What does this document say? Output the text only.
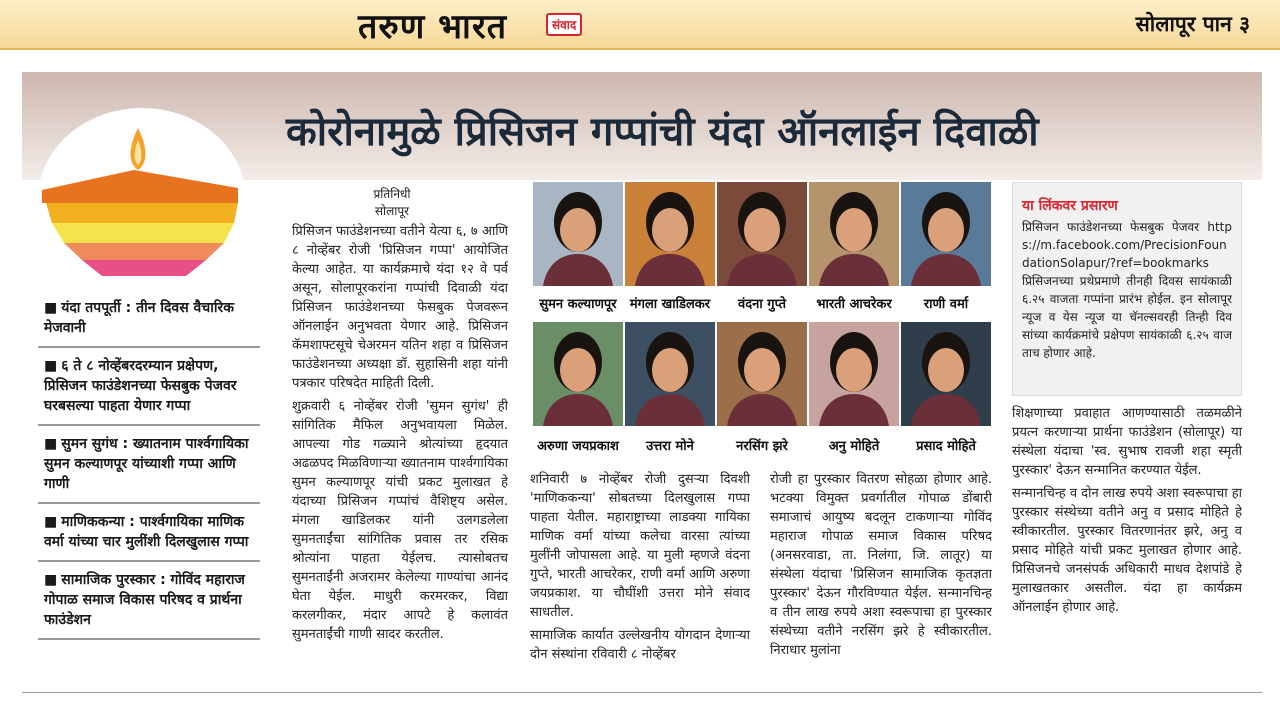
तरुण भारत	संवाद	सोलापूर पान ३
कोरोनामुळे प्रिसिजन गप्पांची यंदा ऑनलाईन दिवाळी
■ यंदा तपपूर्ती : तीन दिवस वैचारिक मेजवानी
■ ६ ते ८ नोव्हेंबरदरम्यान प्रक्षेपण, प्रिसिजन फाउंडेशनच्या फेसबुक पेजवर घरबसल्या पाहता येणार गप्पा
■ सुमन सुगंध : ख्यातनाम पार्श्वगायिका सुमन कल्याणपूर यांच्याशी गप्पा आणि गाणी
■ माणिककन्या : पार्श्वगायिका माणिक वर्मा यांच्या चार मुलींशी दिलखुलास गप्पा
■ सामाजिक पुरस्कार : गोविंद महाराज गोपाळ समाज विकास परिषद व प्रार्थना फाउंडेशन
प्रतिनिधी
सोलापूर

प्रिसिजन फाउंडेशनच्या वतीने येत्या ६, ७ आणि ८ नोव्हेंबर रोजी 'प्रिसिजन गप्पा' आयोजित केल्या आहेत. या कार्यक्रमाचे यंदा १२ वे पर्व असून, सोलापूरकरांना गप्पांची दिवाळी यंदा प्रिसिजन फाउंडेशनच्या फेसबुक पेजवरून ऑनलाईन अनुभवता येणार आहे. प्रिसिजन कॅमशाफ्टसूचे चेअरमन यतिन शहा व प्रिसिजन फाउंडेशनच्या अध्यक्षा डॉ. सुहासिनी शहा यांनी पत्रकार परिषदेत माहिती दिली.

शुक्रवारी ६ नोव्हेंबर रोजी 'सुमन सुगंध' ही सांगितिक मैफिल अनुभवायला मिळेल. आपल्या गोड गळ्याने श्रोत्यांच्या हृदयात अढळपद मिळविणाऱ्या ख्यातनाम पार्श्वगायिका सुमन कल्याणपूर यांची प्रकट मुलाखत हे यंदाच्या प्रिसिजन गप्पांचं वैशिष्ट्य असेल. मंगला खाडिलकर यांनी उलगडलेला सुमनताईंचा सांगितिक प्रवास तर रसिक श्रोत्यांना पाहता येईलच. त्यासोबतच सुमनताईंनी अजरामर केलेल्या गाण्यांचा आनंद घेता येईल. माधुरी करमरकर, विद्या करलगीकर, मंदार आपटे हे कलावंत सुमनताईंची गाणी सादर करतील.

सुमन कल्याणपूर मंगला खाडिलकर वंदना गुप्ते भारती आचरेकर राणी वर्मा
अरुणा जयप्रकाश उत्तरा मोने	नरसिंग झरे	अनु मोहिते	प्रसाद मोहिते

शनिवारी ७ नोव्हेंबर रोजी दुसऱ्या दिवशी 'माणिककन्या' सोबतच्या दिलखुलास गप्पा पाहता येतील. महाराष्ट्राच्या लाडक्या गायिका माणिक वर्मा यांच्या कलेचा वारसा त्यांच्या मुलींनी जोपासला आहे. या मुली म्हणजे वंदना गुप्ते, भारती आचरेकर, राणी वर्मा आणि अरुणा जयप्रकाश. या चौघींशी उत्तरा मोने संवाद साधतील.

सामाजिक कार्यात उल्लेखनीय योगदान देणाऱ्या दोन संस्थांना रविवारी ८ नोव्हेंबर

रोजी हा पुरस्कार वितरण सोहळा होणार आहे. भटक्या विमुक्त प्रवर्गातील गोपाळ डोंबारी समाजाचं आयुष्य बदलून टाकणाऱ्या गोविंद महाराज गोपाळ समाज विकास परिषद (अनसरवाडा, ता. निलंगा, जि. लातूर) या संस्थेला यंदाचा 'प्रिसिजन सामाजिक कृतज्ञता पुरस्कार' देऊन गौरविण्यात येईल. सन्मानचिन्ह व तीन लाख रुपये अशा स्वरूपाचा हा पुरस्कार संस्थेच्या वतीने नरसिंग झरे हे स्वीकारतील. निराधार मुलांना

या लिंकवर प्रसारण
प्रिसिजन फाउंडेशनच्या फेसबुक पेजवर https://m.facebook.com/PrecisionFoundationSolapur/?ref=bookmarks प्रिसिजनच्या प्रथेप्रमाणे तीनही दिवस सायंकाळी ६.२५ वाजता गप्पांना प्रारंभ होईल. इन सोलापूर न्यूज व येस न्यूज या चॅनल्सवरही तिन्ही दिवसांच्या कार्यक्रमांचे प्रक्षेपण सायंकाळी ६.२५ वाजताच होणार आहे.

शिक्षणाच्या प्रवाहात आणण्यासाठी तळमळीने प्रयत्न करणाऱ्या प्रार्थना फाउंडेशन (सोलापूर) या संस्थेला यंदाचा 'स्व. सुभाष रावजी शहा स्मृती पुरस्कार' देऊन सन्मानित करण्यात येईल.

सन्मानचिन्ह व दोन लाख रुपये अशा स्वरूपाचा हा पुरस्कार संस्थेच्या वतीने अनु व प्रसाद मोहिते हे स्वीकारतील. पुरस्कार वितरणानंतर झरे, अनु व प्रसाद मोहिते यांची प्रकट मुलाखत होणार आहे. प्रिसिजनचे जनसंपर्क अधिकारी माधव देशपांडे हे मुलाखतकार असतील. यंदा हा कार्यक्रम ऑनलाईन होणार आहे.
